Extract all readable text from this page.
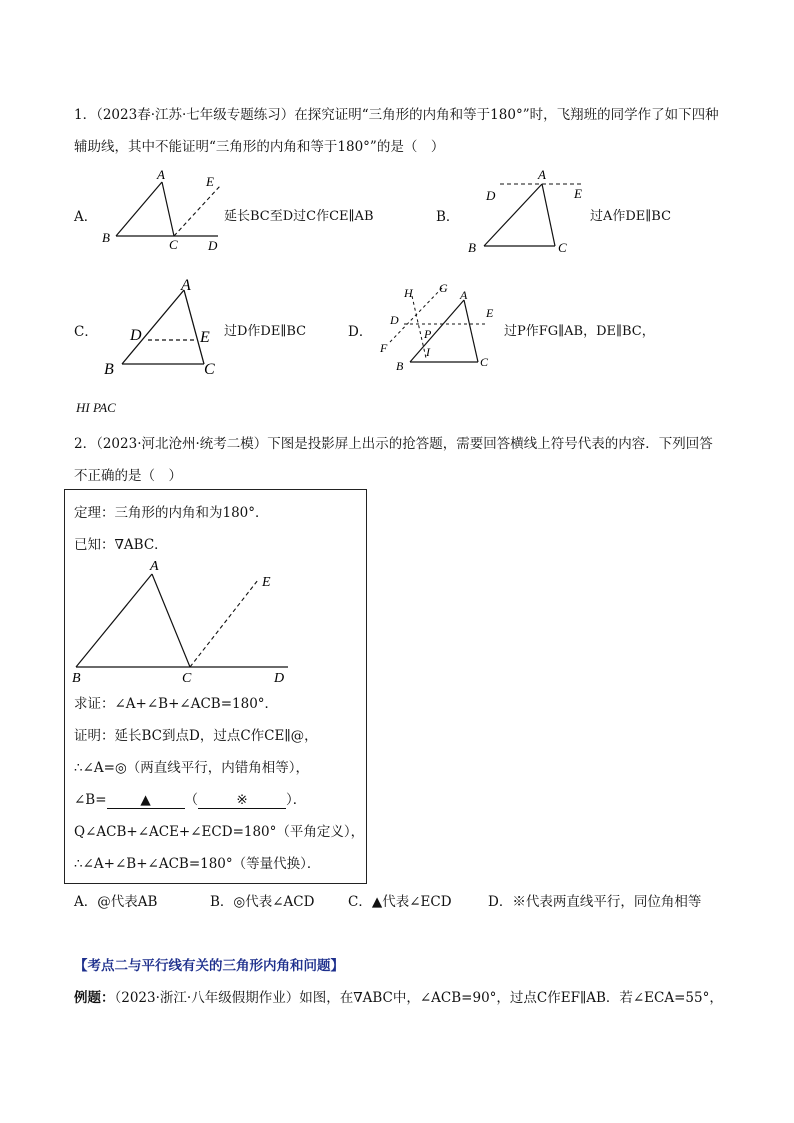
1．（2023春·江苏·七年级专题练习）在探究证明“三角形的内角和等于180°”时，飞翔班的同学作了如下四种
辅助线，其中不能证明“三角形的内角和等于180°”的是（　）
A．
A	E
B	C D
延长BC至D过C作CE∥AB	B．
A
D	E
B	C
过A作DE∥BC
C．
A
D	E
B	C
过D作DE∥BC	D．
H G A
D	E
P
F	I
B	C
过P作FG∥AB，DE∥BC，
HI PAC
2．（2023·河北沧州·统考二模）下图是投影屏上出示的抢答题，需要回答横线上符号代表的内容．下列回答
不正确的是（　）
定理：三角形的内角和为180°．
已知：∇ABC．
A
E
B	C	D
求证：∠A+∠B+∠ACB=180°．
证明：延长BC到点D，过点C作CE∥@，
∴∠A=◎（两直线平行，内错角相等），
∠B=	▲	（	※	）．
Q∠ACB+∠ACE+∠ECD=180°（平角定义），
∴∠A+∠B+∠ACB=180°（等量代换）．
A．@代表AB	B．◎代表∠ACD C．▲代表∠ECD	D．※代表两直线平行，同位角相等
【考点二与平行线有关的三角形内角和问题】
例题：（2023·浙江·八年级假期作业）如图，在∇ABC中，∠ACB=90°，过点C作EF∥AB．若∠ECA=55°，
